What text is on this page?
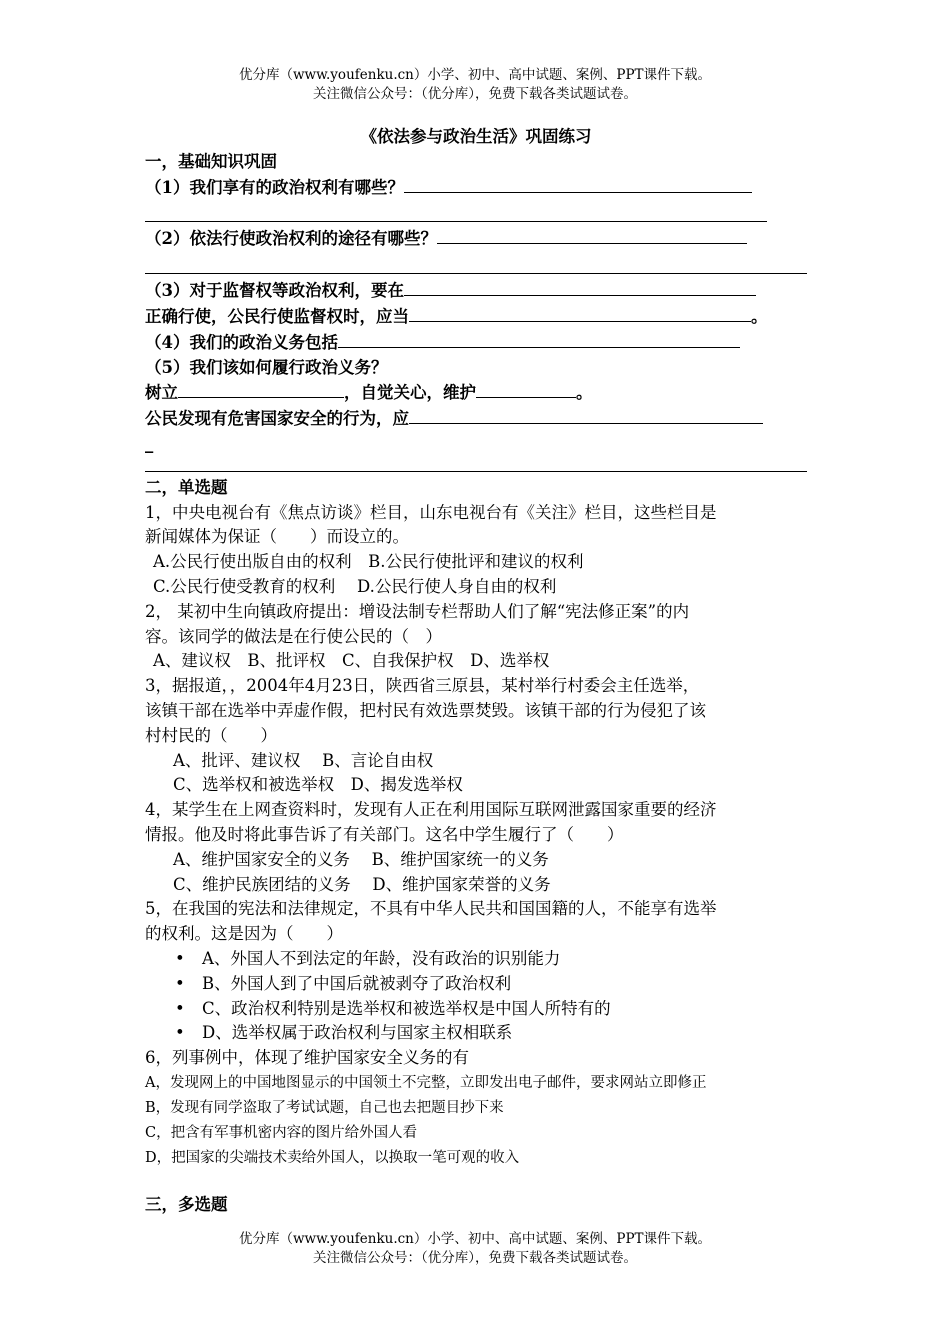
优分库（www.youfenku.cn）小学、初中、高中试题、案例、PPT课件下载。
关注微信公众号：（优分库），免费下载各类试题试卷。
《依法参与政治生活》巩固练习
一，基础知识巩固
（1）我们享有的政治权利有哪些？
（2）依法行使政治权利的途径有哪些？
（3）对于监督权等政治权利，要在
正确行使，公民行使监督权时，应当	。
（4）我们的政治义务包括
（5）我们该如何履行政治义务？
树立	，自觉关心，维护	。
公民发现有危害国家安全的行为，应
_
二，单选题
1，中央电视台有《焦点访谈》栏目，山东电视台有《关注》栏目，这些栏目是
新闻媒体为保证（　　）而设立的。
A.公民行使出版自由的权利　B.公民行使批评和建议的权利
C.公民行使受教育的权利　 D.公民行使人身自由的权利
2， 某初中生向镇政府提出：增设法制专栏帮助人们了解“宪法修正案”的内
容。该同学的做法是在行使公民的（　）
A、建议权　B、批评权　C、自我保护权　D、选举权
3，据报道，，2004年4月23日，陕西省三原县，某村举行村委会主任选举，
该镇干部在选举中弄虚作假，把村民有效选票焚毁。该镇干部的行为侵犯了该
村村民的（　　）
A、批评、建议权　 B、言论自由权
C、选举权和被选举权　D、揭发选举权
4，某学生在上网查资料时，发现有人正在利用国际互联网泄露国家重要的经济
情报。他及时将此事告诉了有关部门。这名中学生履行了（　　）
A、维护国家安全的义务　 B、维护国家统一的义务
C、维护民族团结的义务　 D、维护国家荣誉的义务
5，在我国的宪法和法律规定，不具有中华人民共和国国籍的人，不能享有选举
的权利。这是因为（　　）
• A、外国人不到法定的年龄，没有政治的识别能力
• B、外国人到了中国后就被剥夺了政治权利
• C、政治权利特别是选举权和被选举权是中国人所特有的
• D、选举权属于政治权利与国家主权相联系
6，列事例中，体现了维护国家安全义务的有
A，发现网上的中国地图显示的中国领土不完整，立即发出电子邮件，要求网站立即修正
B，发现有同学盗取了考试试题，自己也去把题目抄下来
C，把含有军事机密内容的图片给外国人看
D，把国家的尖端技术卖给外国人，以换取一笔可观的收入
三，多选题
优分库（www.youfenku.cn）小学、初中、高中试题、案例、PPT课件下载。
关注微信公众号：（优分库），免费下载各类试题试卷。
